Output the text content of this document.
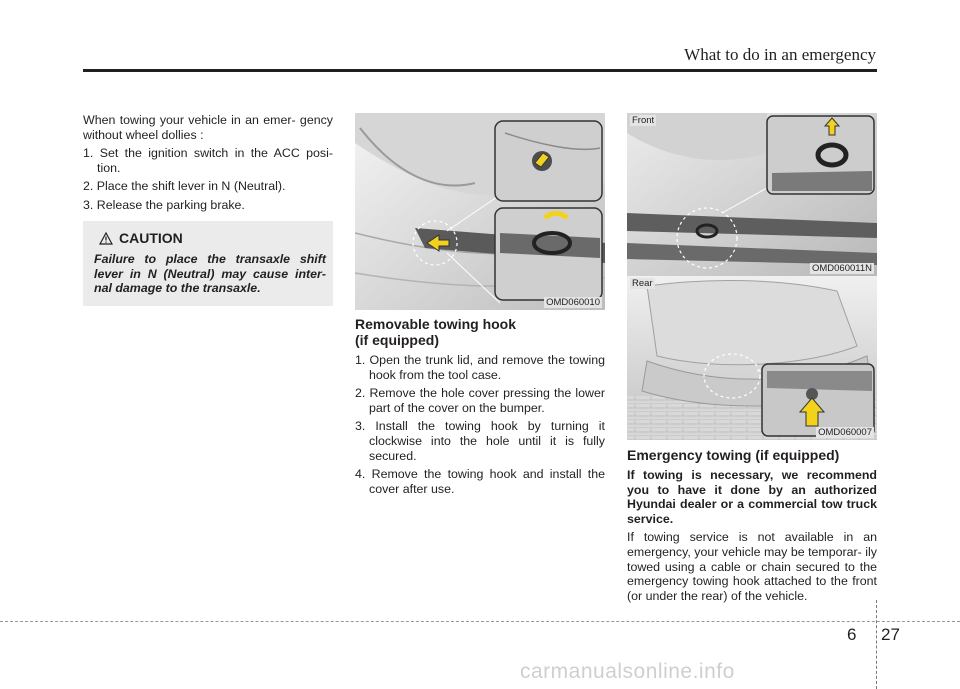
What to do in an emergency

When towing your vehicle in an emer- gency without wheel dollies :

1. Set the ignition switch in the ACC posi- tion.
2. Place the shift lever in N (Neutral).
3. Release the parking brake.
CAUTION
Failure to place the transaxle shift lever in N (Neutral) may cause inter- nal damage to the transaxle.
OMD060010
Removable towing hook
(if equipped)
1. Open the trunk lid, and remove the towing hook from the tool case.
2. Remove the hole cover pressing the lower part of the cover on the bumper.
3. Install the towing hook by turning it clockwise into the hole until it is fully secured.
4. Remove the towing hook and install the cover after use.
Front
OMD060011N
Rear
OMD060007
Emergency towing (if equipped)

If towing is necessary, we recommend you to have it done by an authorized Hyundai dealer or a commercial tow truck service.

If towing service is not available in an emergency, your vehicle may be temporar- ily towed using a cable or chain secured to the emergency towing hook attached to the front (or under the rear) of the vehicle.

6 27
carmanualsonline.info
